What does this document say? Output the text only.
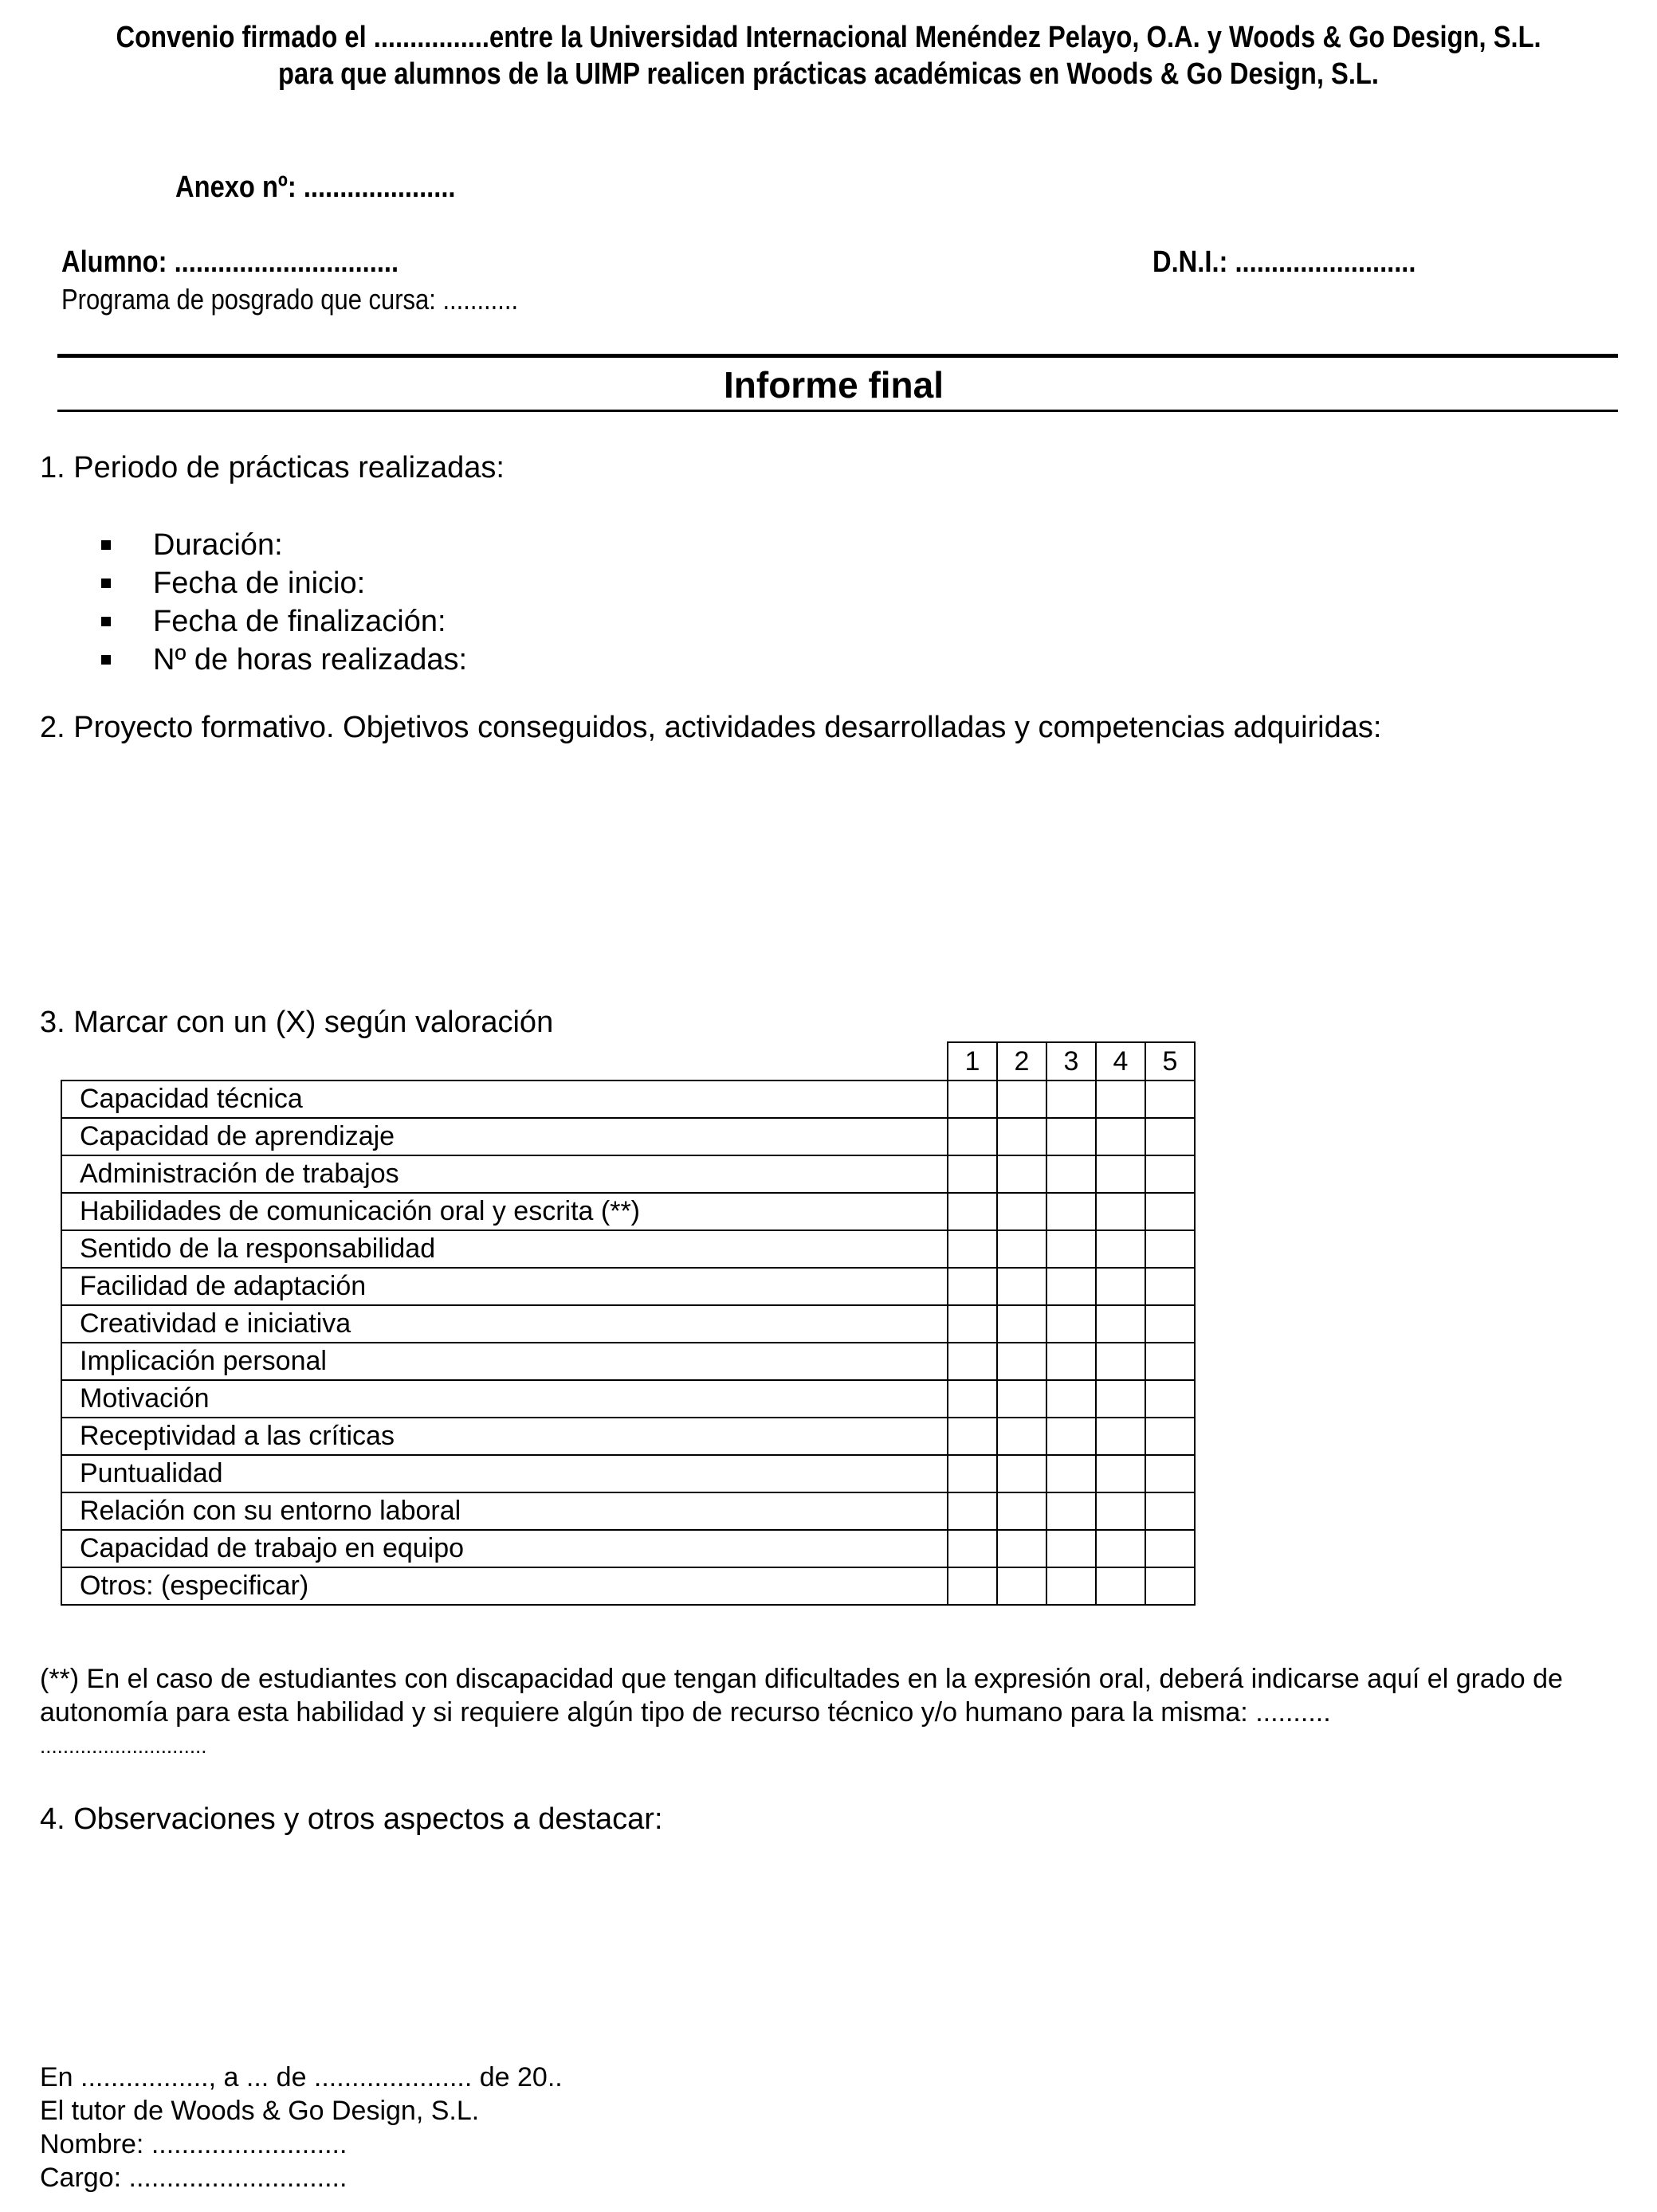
Convenio firmado el ................entre la Universidad Internacional Menéndez Pelayo, O.A. y Woods & Go Design, S.L.
para que alumnos de la UIMP realicen prácticas académicas en Woods & Go Design, S.L.
Anexo nº: .....................
Alumno: ...............................	D.N.I.: .........................
Programa de posgrado que cursa: ...........
Informe final
1. Periodo de prácticas realizadas:
Duración:
Fecha de inicio:
Fecha de finalización:
Nº de horas realizadas:
2. Proyecto formativo. Objetivos conseguidos, actividades desarrolladas y competencias adquiridas:
3. Marcar con un (X) según valoración
	1	2	3	4	5
Capacidad técnica					
Capacidad de aprendizaje					
Administración de trabajos					
Habilidades de comunicación oral y escrita (**)					
Sentido de la responsabilidad					
Facilidad de adaptación					
Creatividad e iniciativa					
Implicación personal					
Motivación					
Receptividad a las críticas					
Puntualidad					
Relación con su entorno laboral					
Capacidad de trabajo en equipo					
Otros: (especificar)					
(**) En el caso de estudiantes con discapacidad que tengan dificultades en la expresión oral, deberá indicarse aquí el grado de
autonomía para esta habilidad y si requiere algún tipo de recurso técnico y/o humano para la misma: ..........
.............................
4. Observaciones y otros aspectos a destacar:
En ................., a ... de ..................... de 20..
El tutor de Woods & Go Design, S.L.
Nombre: ..........................
Cargo: .............................
